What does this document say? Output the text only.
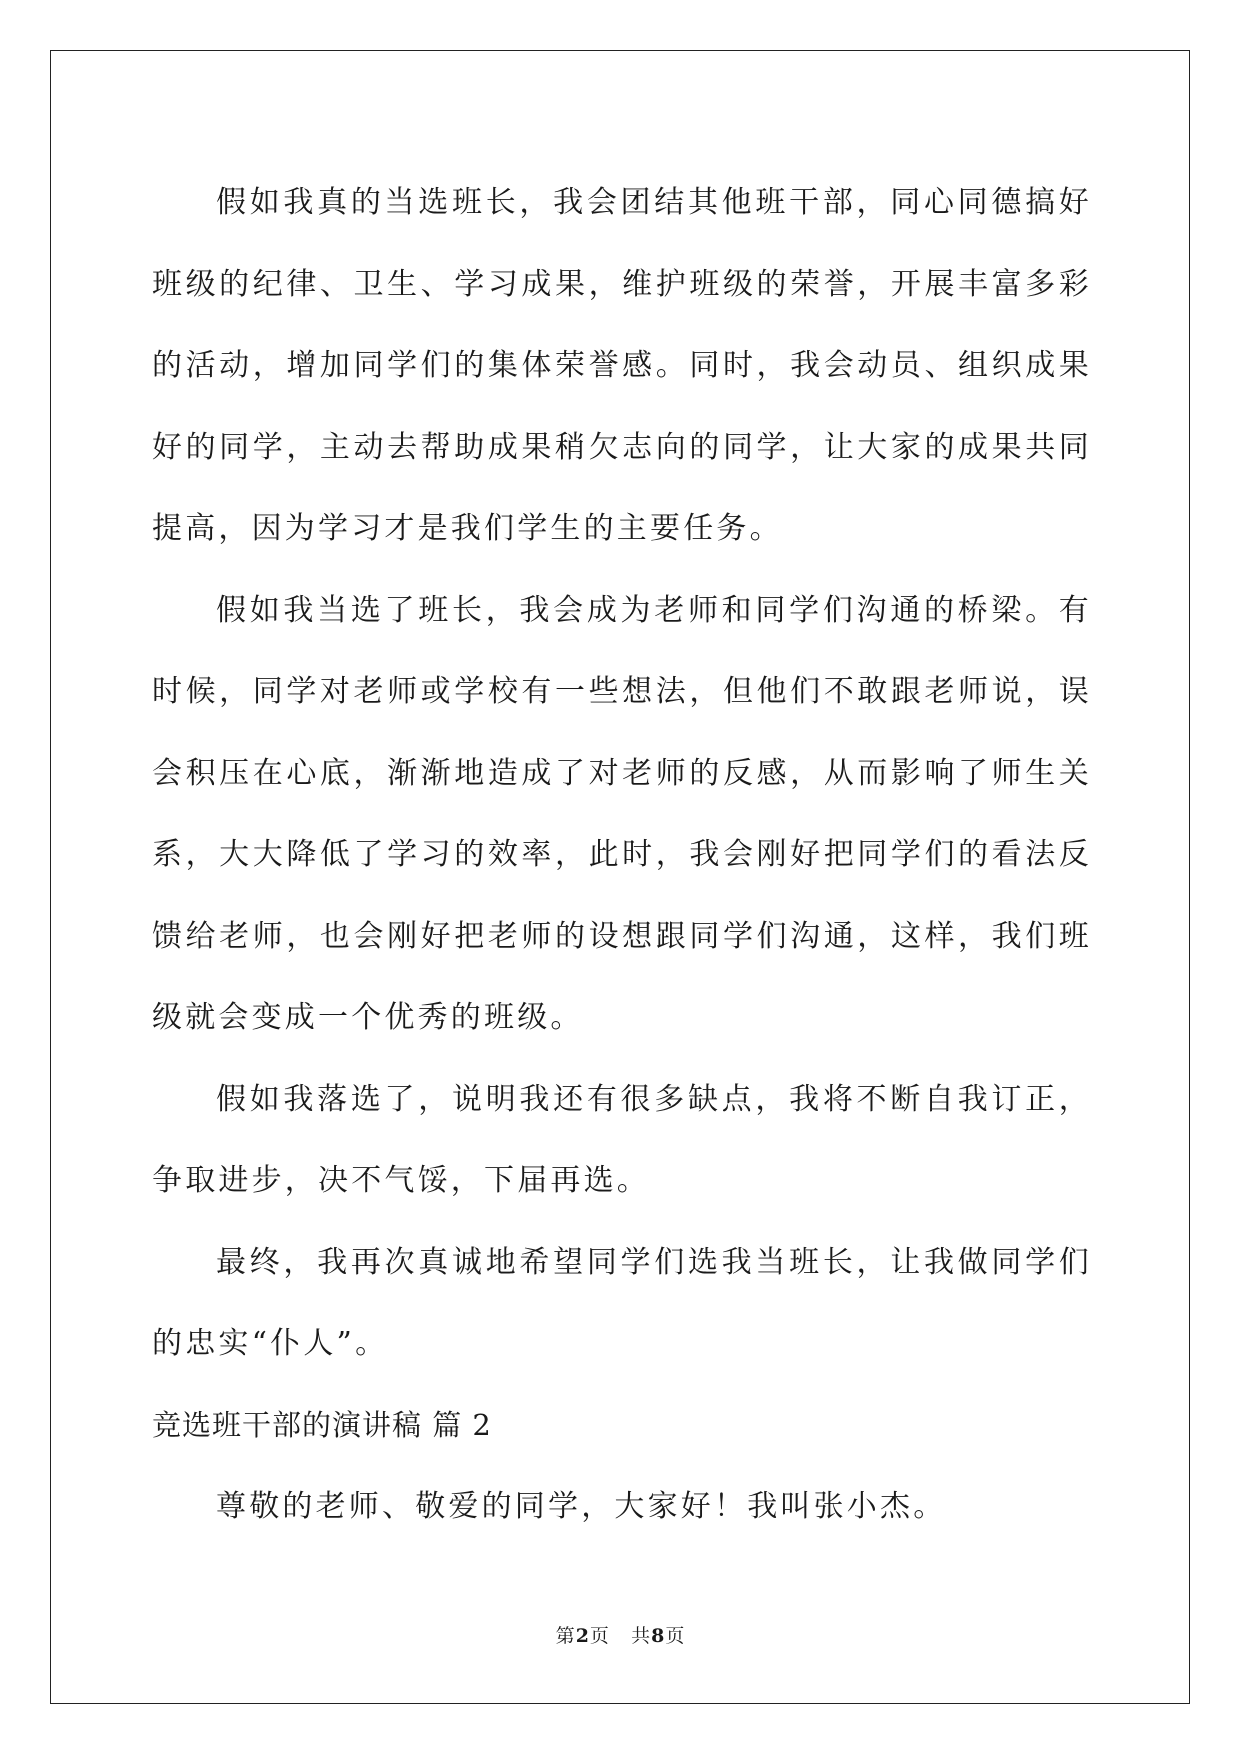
假如我真的当选班长，我会团结其他班干部，同心同德搞好班级的纪律、卫生、学习成果，维护班级的荣誉，开展丰富多彩的活动，增加同学们的集体荣誉感。同时，我会动员、组织成果好的同学，主动去帮助成果稍欠志向的同学，让大家的成果共同提高，因为学习才是我们学生的主要任务。

假如我当选了班长，我会成为老师和同学们沟通的桥梁。有时候，同学对老师或学校有一些想法，但他们不敢跟老师说，误会积压在心底，渐渐地造成了对老师的反感，从而影响了师生关系，大大降低了学习的效率，此时，我会刚好把同学们的看法反馈给老师，也会刚好把老师的设想跟同学们沟通，这样，我们班级就会变成一个优秀的班级。

假如我落选了，说明我还有很多缺点，我将不断自我订正，争取进步，决不气馁，下届再选。

最终，我再次真诚地希望同学们选我当班长，让我做同学们的忠实“仆人”。

竞选班干部的演讲稿 篇 2

尊敬的老师、敬爱的同学，大家好！我叫张小杰。

第2页 共8页
